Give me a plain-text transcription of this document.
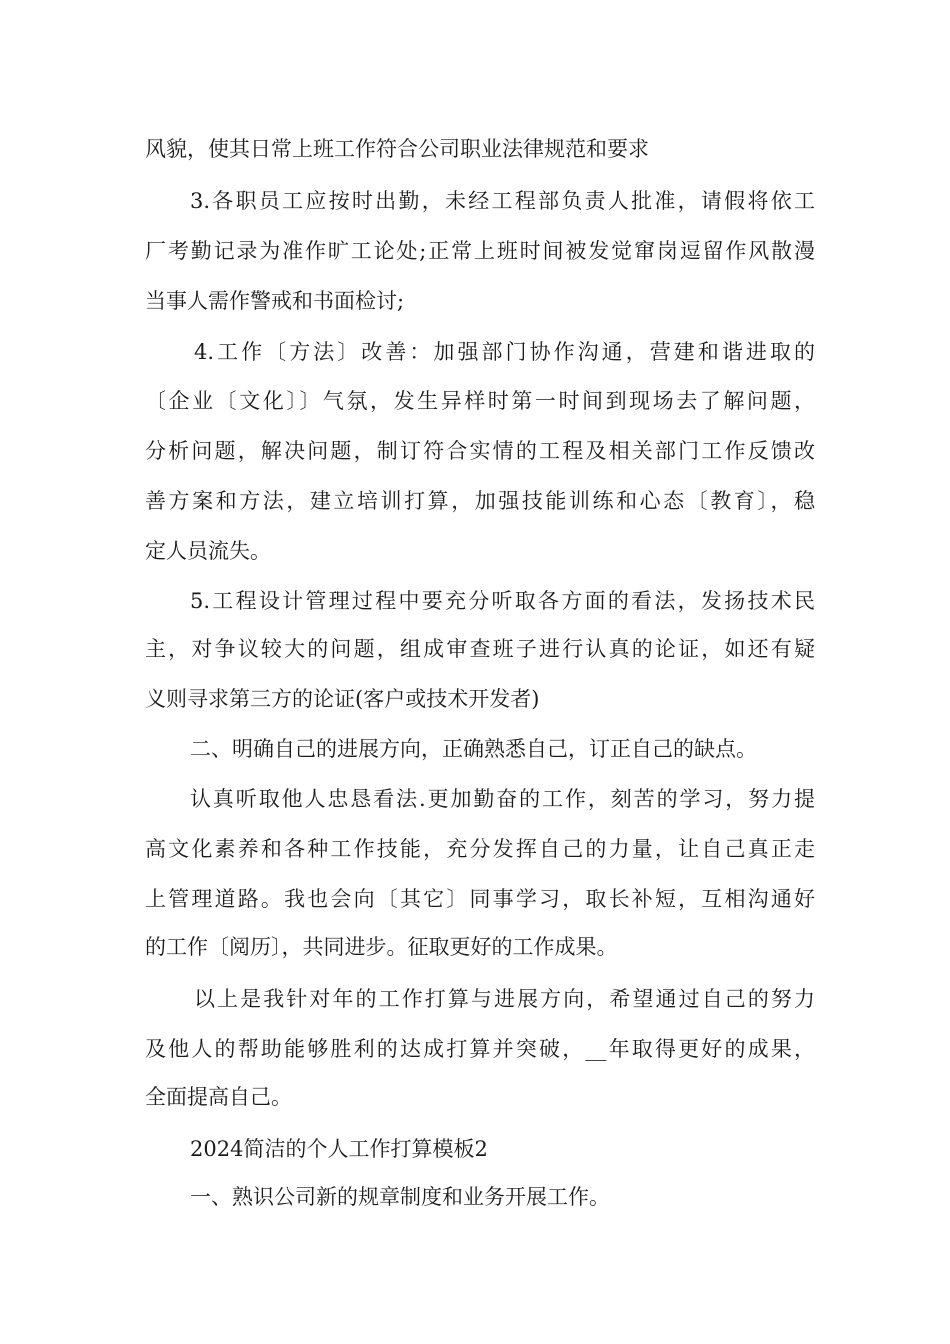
风貌，使其日常上班工作符合公司职业法律规范和要求
3.各职员工应按时出勤，未经工程部负责人批准，请假将依工
厂考勤记录为准作旷工论处;正常上班时间被发觉窜岗逗留作风散漫
当事人需作警戒和书面检讨;
4.工作〔方法〕改善：加强部门协作沟通，营建和谐进取的
〔企业〔文化〕〕气氛，发生异样时第一时间到现场去了解问题，
分析问题，解决问题，制订符合实情的工程及相关部门工作反馈改
善方案和方法，建立培训打算，加强技能训练和心态〔教育〕，稳
定人员流失。
5.工程设计管理过程中要充分听取各方面的看法，发扬技术民
主，对争议较大的问题，组成审查班子进行认真的论证，如还有疑
义则寻求第三方的论证(客户或技术开发者)
二、明确自己的进展方向，正确熟悉自己，订正自己的缺点。
认真听取他人忠恳看法.更加勤奋的工作，刻苦的学习，努力提
高文化素养和各种工作技能，充分发挥自己的力量，让自己真正走
上管理道路。我也会向〔其它〕同事学习，取长补短，互相沟通好
的工作〔阅历〕，共同进步。征取更好的工作成果。
以上是我针对年的工作打算与进展方向，希望通过自己的努力
及他人的帮助能够胜利的达成打算并突破，__年取得更好的成果，
全面提高自己。
2024简洁的个人工作打算模板2
一、熟识公司新的规章制度和业务开展工作。
